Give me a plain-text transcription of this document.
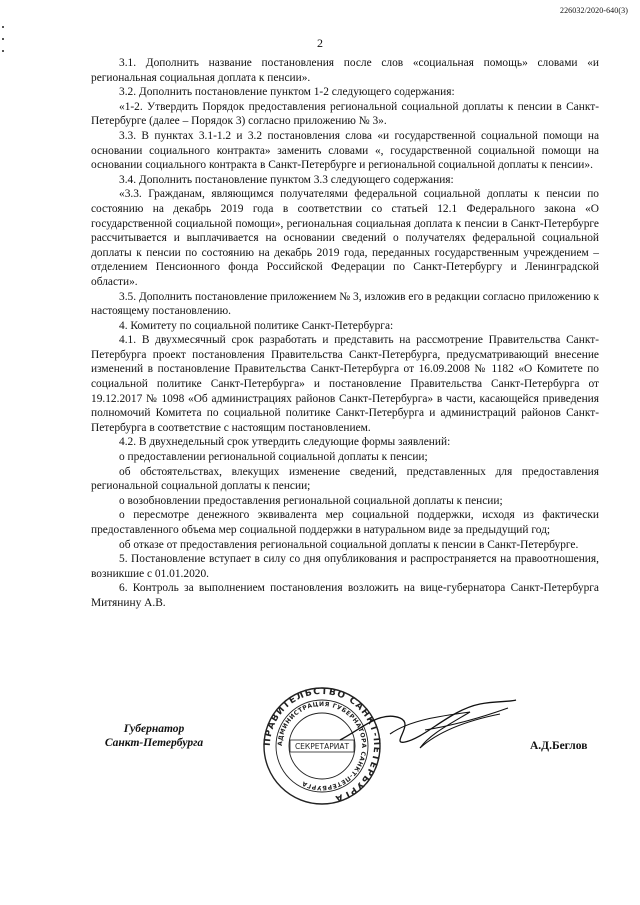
226032/2020-640(3)
2

3.1. Дополнить название постановления после слов «социальная помощь» словами «и региональная социальная доплата к пенсии».

3.2. Дополнить постановление пунктом 1-2 следующего содержания:

«1-2. Утвердить Порядок предоставления региональной социальной доплаты к пенсии в Санкт-Петербурге (далее – Порядок 3) согласно приложению № 3».

3.3. В пунктах 3.1-1.2 и 3.2 постановления слова «и государственной социальной помощи на основании социального контракта» заменить словами «, государственной социальной помощи на основании социального контракта в Санкт-Петербурге и региональной социальной доплаты к пенсии».

3.4. Дополнить постановление пунктом 3.3 следующего содержания:

«3.3. Гражданам, являющимся получателями федеральной социальной доплаты к пенсии по состоянию на декабрь 2019 года в соответствии со статьей 12.1 Федерального закона «О государственной социальной помощи», региональная социальная доплата к пенсии в Санкт-Петербурге рассчитывается и выплачивается на основании сведений о получателях федеральной социальной доплаты к пенсии по состоянию на декабрь 2019 года, переданных государственным учреждением – отделением Пенсионного фонда Российской Федерации по Санкт-Петербургу и Ленинградской области».

3.5. Дополнить постановление приложением № 3, изложив его в редакции согласно приложению к настоящему постановлению.

4. Комитету по социальной политике Санкт-Петербурга:

4.1. В двухмесячный срок разработать и представить на рассмотрение Правительства Санкт-Петербурга проект постановления Правительства Санкт-Петербурга, предусматривающий внесение изменений в постановление Правительства Санкт-Петербурга от 16.09.2008 № 1182 «О Комитете по социальной политике Санкт-Петербурга» и постановление Правительства Санкт-Петербурга от 19.12.2017 № 1098 «Об администрациях районов Санкт-Петербурга» в части, касающейся приведения полномочий Комитета по социальной политике Санкт-Петербурга и администраций районов Санкт-Петербурга в соответствие с настоящим постановлением.

4.2. В двухнедельный срок утвердить следующие формы заявлений:

о предоставлении региональной социальной доплаты к пенсии;

об обстоятельствах, влекущих изменение сведений, представленных для предоставления региональной социальной доплаты к пенсии;

о возобновлении предоставления региональной социальной доплаты к пенсии;

о пересмотре денежного эквивалента мер социальной поддержки, исходя из фактически предоставленного объема мер социальной поддержки в натуральном виде за предыдущий год;

об отказе от предоставления региональной социальной доплаты к пенсии в Санкт-Петербурге.

5. Постановление вступает в силу со дня опубликования и распространяется на правоотношения, возникшие с 01.01.2020.

6. Контроль за выполнением постановления возложить на вице-губернатора Санкт-Петербурга Митянину А.В.

Губернатор
Санкт-Петербурга	ПРАВИТЕЛЬСТВО САНКТ-ПЕТЕРБУРГА
АДМИНИСТРАЦИЯ ГУБЕРНАТОРА САНКТ-ПЕТЕРБУРГА
СЕКРЕТАРИАТ	А.Д.Беглов
